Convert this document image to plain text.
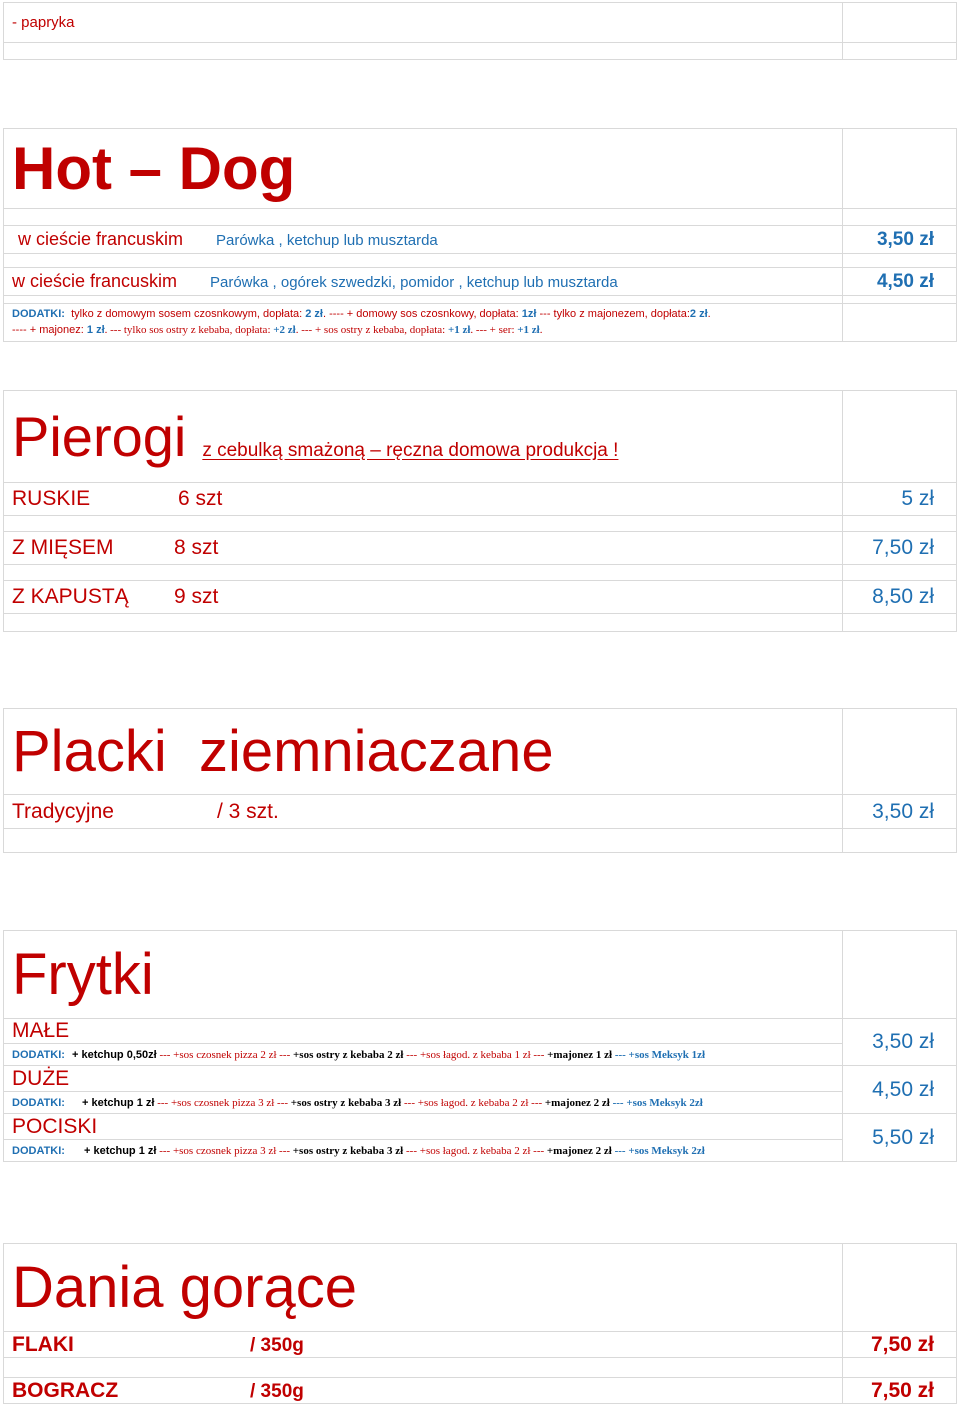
- papryka	

Hot – Dog	

w cieście francuskim Parówka , ketchup lub musztarda	3,50 zł

w cieście francuskim Parówka , ogórek szwedzki, pomidor , ketchup lub musztarda	4,50 zł

DODATKI: tylko z domowym sosem czosnkowym, dopłata: 2 zł. ---- + domowy sos czosnkowy, dopłata: 1zł --- tylko z majonezem, dopłata:2 zł.
---- + majonez: 1 zł. --- tylko sos ostry z kebaba, dopłata: +2 zł. --- + sos ostry z kebaba, dopłata: +1 zł. --- + ser: +1 zł.	
Pierogi z cebulką smażoną – ręczna domowa produkcja !	
RUSKIE 6 szt	5 zł

Z MIĘSEM 8 szt	7,50 zł

Z KAPUSTĄ 9 szt	8,50 zł

Placki  ziemniaczane	
Tradycyjne / 3 szt.	3,50 zł

Frytki	
MAŁE	3,50 zł
DODATKI: + ketchup 0,50zł --- +sos czosnek pizza 2 zł --- +sos ostry z kebaba 2 zł --- +sos łagod. z kebaba 1 zł --- +majonez 1 zł --- +sos Meksyk 1zł	
DUŻE	4,50 zł
DODATKI: + ketchup 1 zł --- +sos czosnek pizza 3 zł --- +sos ostry z kebaba 3 zł --- +sos łagod. z kebaba 2 zł --- +majonez 2 zł --- +sos Meksyk 2zł	
POCISKI	5,50 zł
DODATKI: + ketchup 1 zł --- +sos czosnek pizza 3 zł --- +sos ostry z kebaba 3 zł --- +sos łagod. z kebaba 2 zł --- +majonez 2 zł --- +sos Meksyk 2zł	
Dania gorące	
FLAKI / 350g	7,50 zł

BOGRACZ / 350g	7,50 zł
